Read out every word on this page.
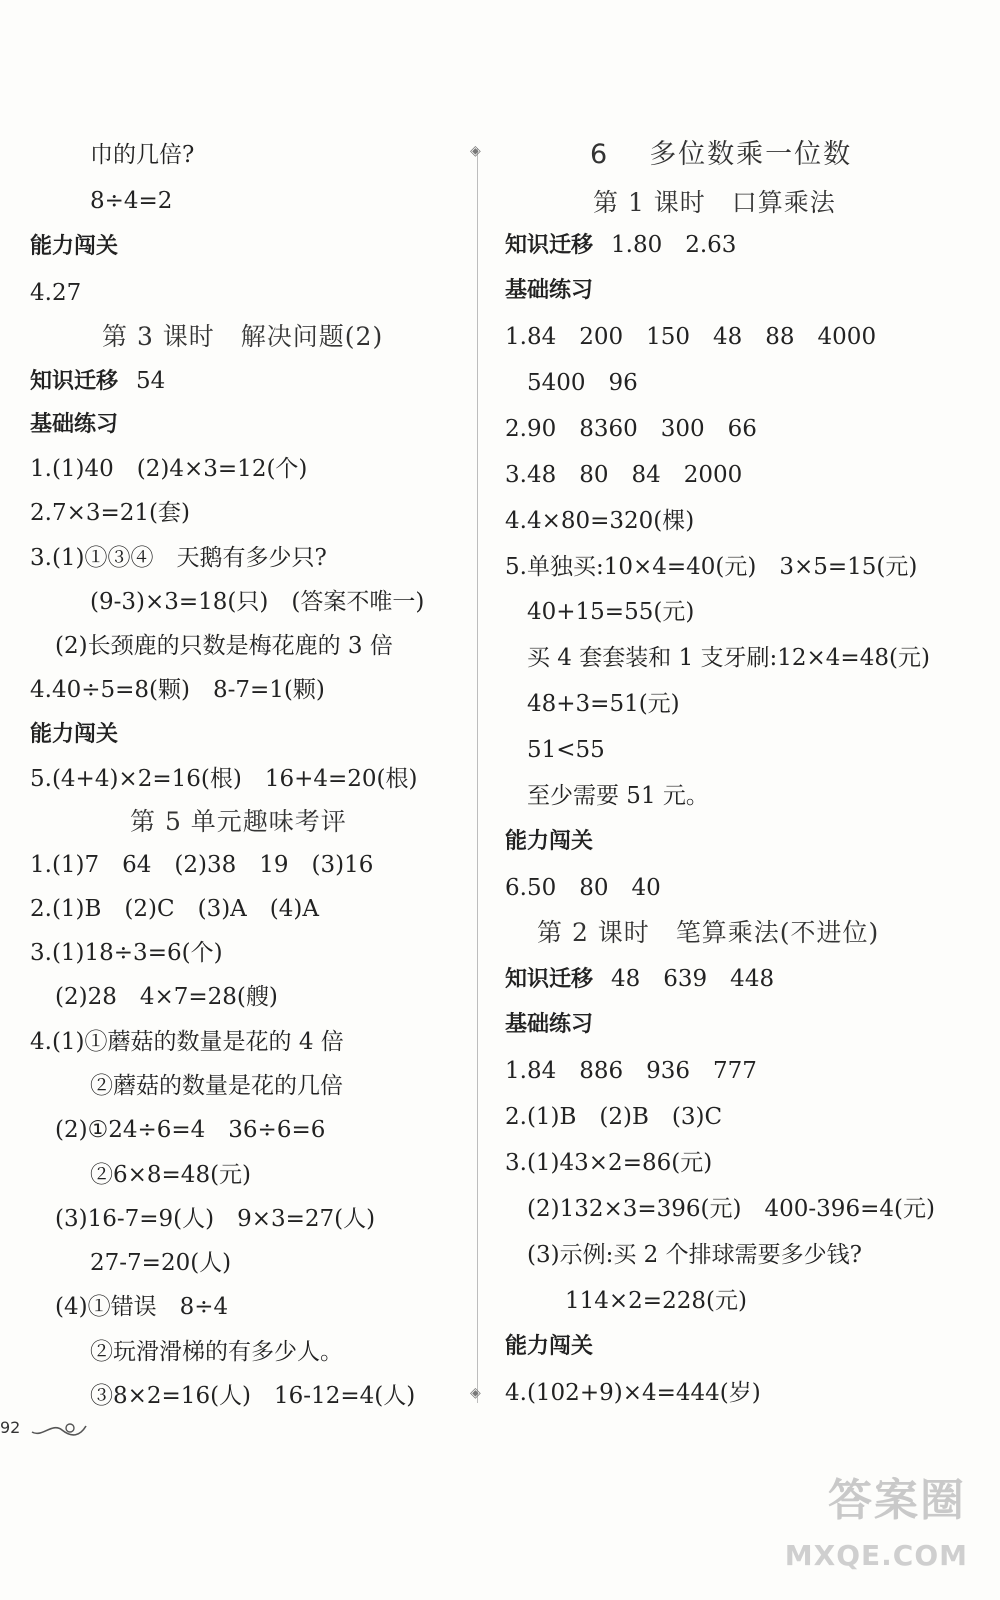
巾的几倍?
8÷4=2
能力闯关
4.27
第 3 课时　解决问题(2)
知识迁移 54
基础练习
1.(1)40　(2)4×3=12(个)
2.7×3=21(套)
3.(1)①③④　天鹅有多少只?
(9-3)×3=18(只)　(答案不唯一)
(2)长颈鹿的只数是梅花鹿的 3 倍
4.40÷5=8(颗)　8-7=1(颗)
能力闯关
5.(4+4)×2=16(根)　16+4=20(根)
第 5 单元趣味考评
1.(1)7　64　(2)38　19　(3)16
2.(1)B　(2)C　(3)A　(4)A
3.(1)18÷3=6(个)
(2)28　4×7=28(艘)
4.(1)①蘑菇的数量是花的 4 倍
②蘑菇的数量是花的几倍
(2)①24÷6=4　36÷6=6
②6×8=48(元)
(3)16-7=9(人)　9×3=27(人)
27-7=20(人)
(4)①错误　8÷4
②玩滑滑梯的有多少人。
③8×2=16(人)　16-12=4(人)
◈
◈
6 多位数乘一位数
第 1 课时　口算乘法
知识迁移 1.80　2.63
基础练习
1.84　200　150　48　88　4000
5400　96
2.90　8360　300　66
3.48　80　84　2000
4.4×80=320(棵)
5.单独买:10×4=40(元)　3×5=15(元)
40+15=55(元)
买 4 套套装和 1 支牙刷:12×4=48(元)
48+3=51(元)
51<55
至少需要 51 元。
能力闯关
6.50　80　40
第 2 课时　笔算乘法(不进位)
知识迁移 48　639　448
基础练习
1.84　886　936　777
2.(1)B　(2)B　(3)C
3.(1)43×2=86(元)
(2)132×3=396(元)　400-396=4(元)
(3)示例:买 2 个排球需要多少钱?
114×2=228(元)
能力闯关
4.(102+9)×4=444(岁)
92
答案圈
MXQE.COM
